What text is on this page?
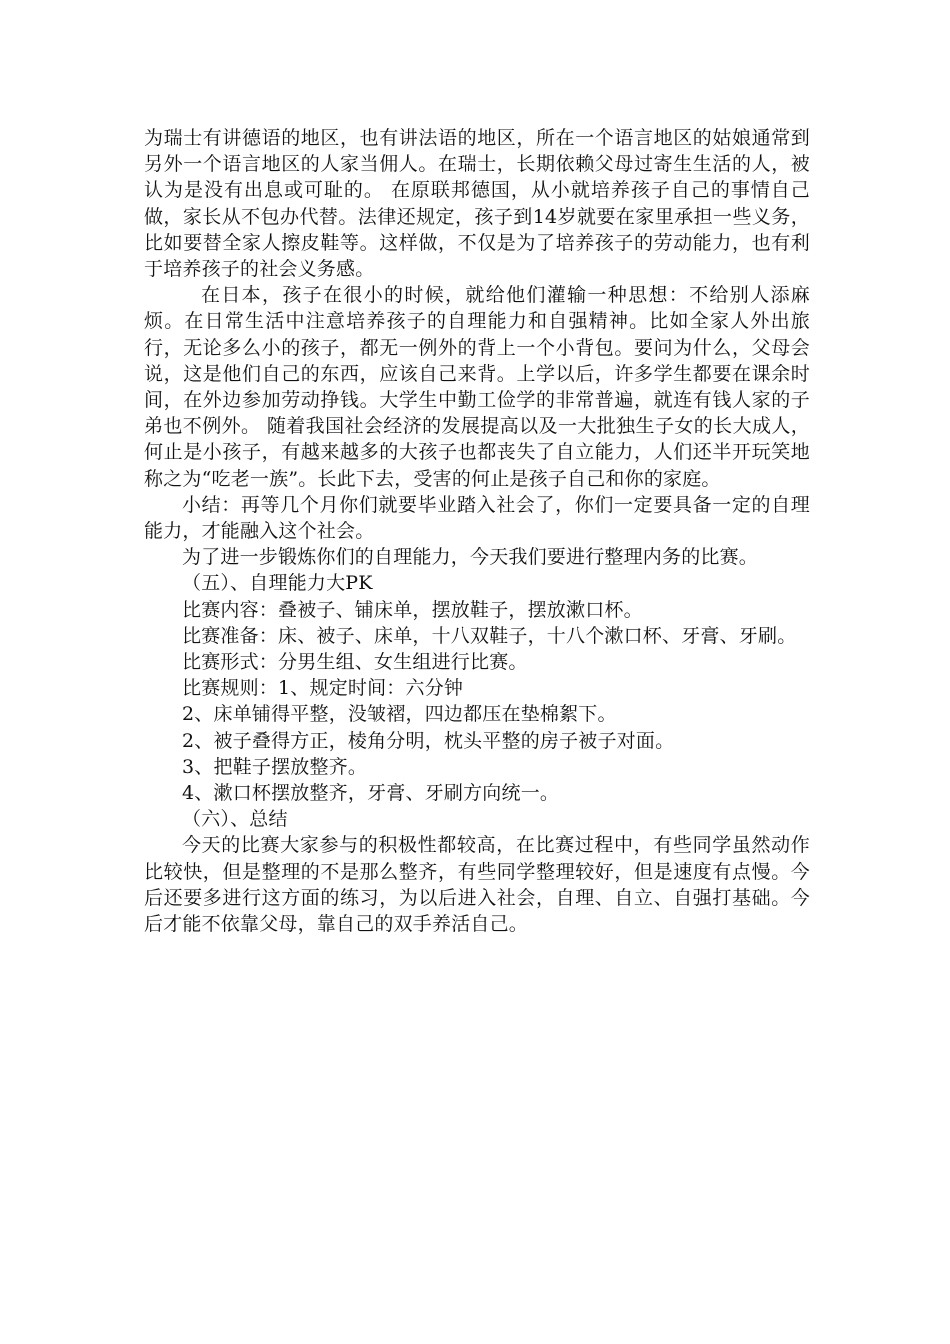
为瑞士有讲德语的地区，也有讲法语的地区，所在一个语言地区的姑娘通常到另外一个语言地区的人家当佣人。在瑞士，长期依赖父母过寄生生活的人，被认为是没有出息或可耻的。 在原联邦德国，从小就培养孩子自己的事情自己做，家长从不包办代替。法律还规定，孩子到14岁就要在家里承担一些义务，比如要替全家人擦皮鞋等。这样做，不仅是为了培养孩子的劳动能力，也有利于培养孩子的社会义务感。

在日本，孩子在很小的时候，就给他们灌输一种思想：不给别人添麻烦。在日常生活中注意培养孩子的自理能力和自强精神。比如全家人外出旅行，无论多么小的孩子，都无一例外的背上一个小背包。要问为什么，父母会说，这是他们自己的东西，应该自己来背。上学以后，许多学生都要在课余时间，在外边参加劳动挣钱。大学生中勤工俭学的非常普遍，就连有钱人家的子弟也不例外。 随着我国社会经济的发展提高以及一大批独生子女的长大成人，何止是小孩子，有越来越多的大孩子也都丧失了自立能力，人们还半开玩笑地称之为“吃老一族”。长此下去，受害的何止是孩子自己和你的家庭。

小结：再等几个月你们就要毕业踏入社会了，你们一定要具备一定的自理能力，才能融入这个社会。

为了进一步锻炼你们的自理能力，今天我们要进行整理内务的比赛。

（五）、自理能力大PK

比赛内容：叠被子、铺床单，摆放鞋子，摆放漱口杯。

比赛准备：床、被子、床单，十八双鞋子，十八个漱口杯、牙膏、牙刷。

比赛形式：分男生组、女生组进行比赛。

比赛规则：1、规定时间：六分钟

2、床单铺得平整，没皱褶，四边都压在垫棉絮下。

2、被子叠得方正，棱角分明，枕头平整的房子被子对面。

3、把鞋子摆放整齐。

4、漱口杯摆放整齐，牙膏、牙刷方向统一。

（六）、总结

今天的比赛大家参与的积极性都较高，在比赛过程中，有些同学虽然动作比较快，但是整理的不是那么整齐，有些同学整理较好，但是速度有点慢。今后还要多进行这方面的练习，为以后进入社会，自理、自立、自强打基础。今后才能不依靠父母，靠自己的双手养活自己。
